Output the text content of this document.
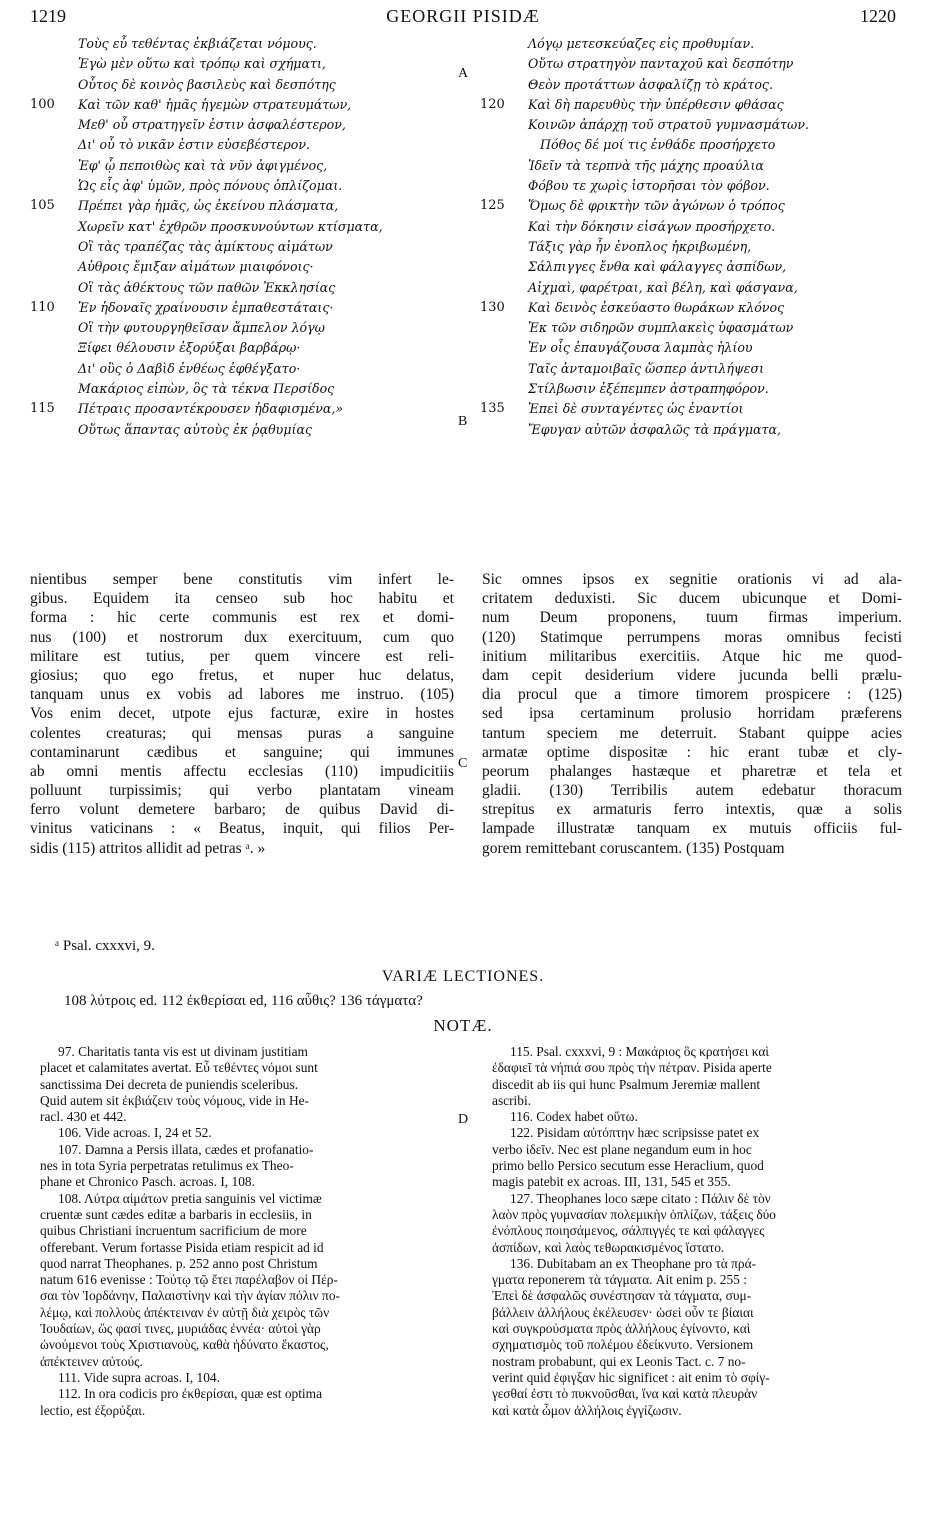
1219	GEORGII PISIDÆ	1220
Τοὺς εὖ τεθέντας ἐκβιάζεται νόμους.
Ἐγὼ μὲν οὕτω καὶ τρόπῳ καὶ σχήματι,
Οὗτος δὲ κοινὸς βασιλεὺς καὶ δεσπότης
100	Καὶ τῶν καθ' ἡμᾶς ἡγεμὼν στρατευμάτων,
Μεθ' οὗ στρατηγεῖν ἐστιν ἀσφαλέστερον,
Δι' οὗ τὸ νικᾶν ἐστιν εὐσεβέστερον.
Ἐφ' ᾧ πεποιθὼς καὶ τὰ νῦν ἀφιγμένος,
Ὡς εἷς ἀφ' ὑμῶν, πρὸς πόνους ὁπλίζομαι.
105	Πρέπει γὰρ ἡμᾶς, ὡς ἐκείνου πλάσματα,
Χωρεῖν κατ' ἐχθρῶν προσκυνούντων κτίσματα,
Οἳ τὰς τραπέζας τὰς ἀμίκτους αἱμάτων
Αὐθροις ἔμιξαν αἱμάτων μιαιφόνοις·
Οἳ τὰς ἀθέκτους τῶν παθῶν Ἐκκλησίας
110	Ἐν ἡδοναῖς χραίνουσιν ἐμπαθεστάταις·
Οἳ τὴν φυτουργηθεῖσαν ἄμπελον λόγῳ
Ξίφει θέλουσιν ἐξορύξαι βαρβάρῳ·
Δι' οὓς ὁ Δαβὶδ ἐνθέως ἐφθέγξατο·
Μακάριος εἰπὼν, ὃς τὰ τέκνα Περσίδος
115	Πέτραις προσαντέκρουσεν ἠδαφισμένα,»
Οὕτως ἅπαντας αὐτοὺς ἐκ ῥᾳθυμίας
Λόγῳ μετεσκεύαζες εἰς προθυμίαν.
Οὕτω στρατηγὸν πανταχοῦ καὶ δεσπότην
Θεὸν προτάττων ἀσφαλίζῃ τὸ κράτος.
120	Καὶ δὴ παρευθὺς τὴν ὑπέρθεσιν φθάσας
Κοινῶν ἀπάρχῃ τοῦ στρατοῦ γυμνασμάτων.
Πόθος δέ μοί τις ἐνθάδε προσήρχετο
Ἰδεῖν τὰ τερπνὰ τῆς μάχης προαύλια
Φόβου τε χωρὶς ἱστορῆσαι τὸν φόβον.
125	Ὅμως δὲ φρικτὴν τῶν ἀγώνων ὁ τρόπος
Καὶ τὴν δόκησιν εἰσάγων προσήρχετο.
Τάξις γὰρ ἦν ἐνοπλος ἠκριβωμένη,
Σάλπιγγες ἔνθα καὶ φάλαγγες ἀσπίδων,
Αἰχμαὶ, φαρέτραι, καὶ βέλη, καὶ φάσγανα,
130	Καὶ δεινὸς ἐσκεύαστο θωράκων κλόνος
Ἐκ τῶν σιδηρῶν συμπλακεὶς ὑφασμάτων
Ἐν οἷς ἐπαυγάζουσα λαμπὰς ἡλίου
Ταῖς ἀνταμοιβαῖς ὥσπερ ἀντιλήψεσι
Στίλβωσιν ἐξέπεμπεν ἀστραπηφόρον.
135	Ἐπεὶ δὲ συνταγέντες ὡς ἐναντίοι
Ἔφυγαν αὐτῶν ἀσφαλῶς τὰ πράγματα,
A
B
C
D
nientibus semper bene constitutis vim infert le-
gibus. Equidem ita censeo sub hoc habitu et
forma : hic certe communis est rex et domi-
nus (100) et nostrorum dux exercituum, cum quo
militare est tutius, per quem vincere est reli-
giosius; quo ego fretus, et nuper huc delatus,
tanquam unus ex vobis ad labores me instruo. (105)
Vos enim decet, utpote ejus facturæ, exire in hostes
colentes creaturas; qui mensas puras a sanguine
contaminarunt cædibus et sanguine; qui immunes
ab omni mentis affectu ecclesias (110) impudicitiis
polluunt turpissimis; qui verbo plantatam vineam
ferro volunt demetere barbaro; de quibus David di-
vinitus vaticinans : « Beatus, inquit, qui filios Per-
sidis (115) attritos allidit ad petras ᵃ. »
Sic omnes ipsos ex segnitie orationis vi ad ala-
critatem deduxisti. Sic ducem ubicunque et Domi-
num Deum proponens, tuum firmas imperium.
(120) Statimque perrumpens moras omnibus fecisti
initium militaribus exercitiis. Atque hic me quod-
dam cepit desiderium videre jucunda belli prælu-
dia procul que a timore timorem prospicere : (125)
sed ipsa certaminum prolusio horridam præferens
tantum speciem me deterruit. Stabant quippe acies
armatæ optime dispositæ : hic erant tubæ et cly-
peorum phalanges hastæque et pharetræ et tela et
gladii. (130) Terribilis autem edebatur thoracum
strepitus ex armaturis ferro intextis, quæ a solis
lampade illustratæ tanquam ex mutuis officiis ful-
gorem remittebant coruscantem. (135) Postquam
ᵃ Psal. cxxxvi, 9.
VARIÆ LECTIONES.
108 λύτροις ed. 112 ἐκθερίσαι ed, 116 αὖθις? 136 τάγματα?
NOTÆ.
97. Charitatis tanta vis est ut divinam justitiam
placet et calamitates avertat. Εὖ τεθέντες νόμοι sunt
sanctissima Dei decreta de puniendis sceleribus.
Quid autem sit ἐκβιάζειν τοὺς νόμους, vide in He-
racl. 430 et 442.
106. Vide acroas. I, 24 et 52.
107. Damna a Persis illata, cædes et profanatio-
nes in tota Syria perpetratas retulimus ex Theo-
phane et Chronico Pasch. acroas. I, 108.
108. Λύτρα αἱμάτων pretia sanguinis vel victimæ
cruentæ sunt cædes editæ a barbaris in ecclesiis, in
quibus Christiani incruentum sacrificium de more
offerebant. Verum fortasse Pisida etiam respicit ad id
quod narrat Theophanes. p. 252 anno post Christum
natum 616 evenisse : Τούτῳ τῷ ἔτει παρέλαβον οἱ Πέρ-
σαι τὸν Ἰορδάνην, Παλαιστίνην καὶ τὴν ἁγίαν πόλιν πο-
λέμῳ, καὶ πολλοὺς ἀπέκτειναν ἐν αὐτῇ διὰ χειρὸς τῶν
Ἰουδαίων, ὥς φασί τινες, μυριάδας ἐννέα· αὐτοὶ γὰρ
ὠνούμενοι τοὺς Χριστιανοὺς, καθὰ ἠδύνατο ἕκαστος,
ἀπέκτεινεν αὐτούς.
111. Vide supra acroas. I, 104.
112. In ora codicis pro ἐκθερίσαι, quæ est optima
lectio, est ἐξορύξαι.
115. Psal. cxxxvi, 9 : Μακάριος ὃς κρατήσει καὶ
ἐδαφιεῖ τὰ νήπιά σου πρὸς τὴν πέτραν. Pisida aperte
discedit ab iis qui hunc Psalmum Jeremiæ mallent
ascribi.
116. Codex habet οὕτω.
122. Pisidam αὐτόπτην hæc scripsisse patet ex
verbo ἰδεῖν. Nec est plane negandum eum in hoc
primo bello Persico secutum esse Heraclium, quod
magis patebit ex acroas. III, 131, 545 et 355.
127. Theophanes loco sæpe citato : Πάλιν δὲ τὸν
λαὸν πρὸς γυμνασίαν πολεμικὴν ὁπλίζων, τάξεις δύο
ἐνόπλους ποιησάμενος, σάλπιγγές τε καὶ φάλαγγες
ἀσπίδων, καὶ λαὸς τεθωρακισμένος ἵστατο.
136. Dubitabam an ex Theophane pro τὰ πρά-
γματα reponerem τὰ τάγματα. Ait enim p. 255 :
Ἐπεὶ δὲ ἀσφαλῶς συνέστησαν τὰ τάγματα, συμ-
βάλλειν ἀλλήλους ἐκέλευσεν· ὡσεὶ οὖν τε βίαιαι
καὶ συγκρούσματα πρὸς ἀλλήλους ἐγίνοντο, καὶ
σχηματισμὸς τοῦ πολέμου ἐδείκνυτο. Versionem
nostram probabunt, qui ex Leonis Tact. c. 7 no-
verint quid ἐφιγξαν hic significet : ait enim τὸ σφίγ-
γεσθαί ἐστι τὸ πυκνοῦσθαι, ἵνα καὶ κατὰ πλευρὰν
καὶ κατὰ ὦμον ἀλλήλοις ἐγγίζωσιν.
